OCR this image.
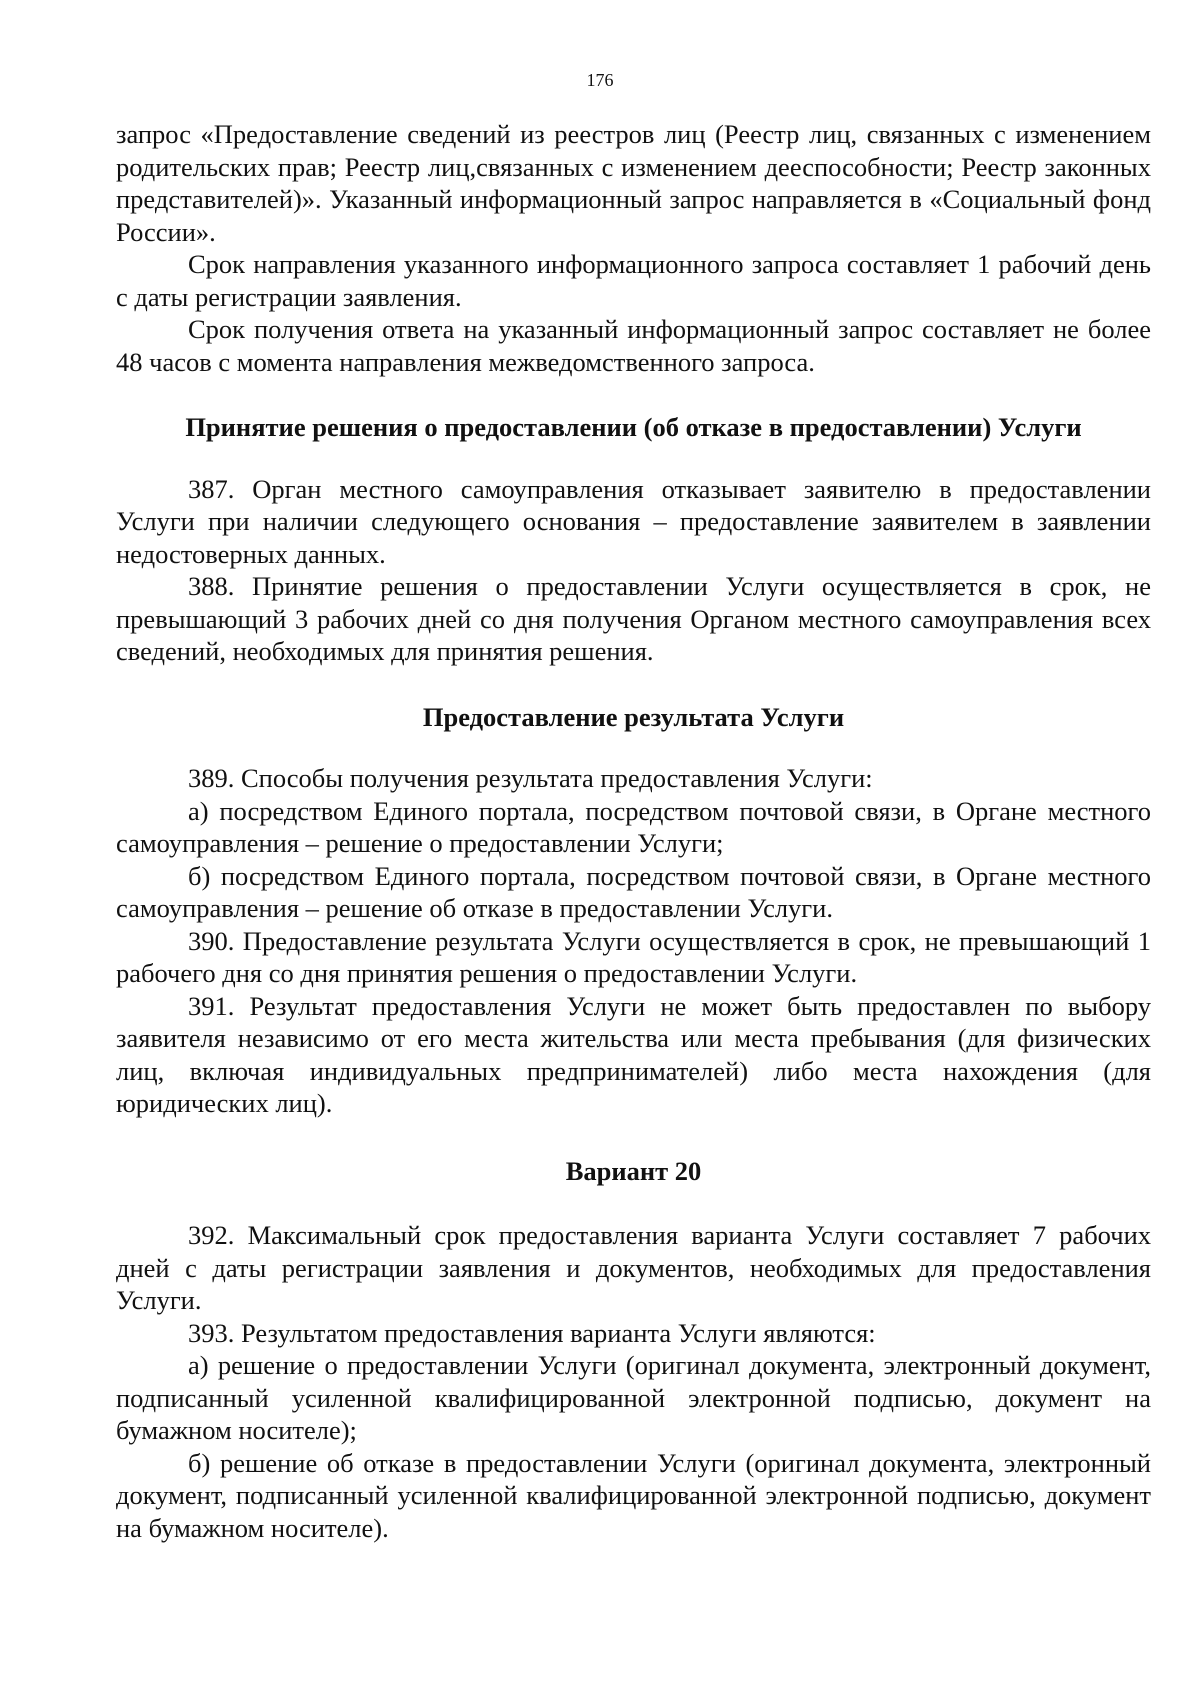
176

запрос «Предоставление сведений из реестров лиц (Реестр лиц, связанных с изменением родительских прав; Реестр лиц,связанных с изменением дееспособности; Реестр законных представителей)». Указанный информационный запрос направляется в «Социальный фонд России».

Срок направления указанного информационного запроса составляет 1 рабочий день с даты регистрации заявления.

Срок получения ответа на указанный информационный запрос составляет не более 48 часов с момента направления межведомственного запроса.

Принятие решения о предоставлении (об отказе в предоставлении) Услуги

387. Орган местного самоуправления отказывает заявителю в предоставлении Услуги при наличии следующего основания – предоставление заявителем в заявлении недостоверных данных.

388. Принятие решения о предоставлении Услуги осуществляется в срок, не превышающий 3 рабочих дней со дня получения Органом местного самоуправления всех сведений, необходимых для принятия решения.

Предоставление результата Услуги

389. Способы получения результата предоставления Услуги:

а) посредством Единого портала, посредством почтовой связи, в Органе местного самоуправления – решение о предоставлении Услуги;

б) посредством Единого портала, посредством почтовой связи, в Органе местного самоуправления – решение об отказе в предоставлении Услуги.

390. Предоставление результата Услуги осуществляется в срок, не превышающий 1 рабочего дня со дня принятия решения о предоставлении Услуги.

391. Результат предоставления Услуги не может быть предоставлен по выбору заявителя независимо от его места жительства или места пребывания (для физических лиц, включая индивидуальных предпринимателей) либо места нахождения (для юридических лиц).

Вариант 20

392. Максимальный срок предоставления варианта Услуги составляет 7 рабочих дней с даты регистрации заявления и документов, необходимых для предоставления Услуги.

393. Результатом предоставления варианта Услуги являются:

а) решение о предоставлении Услуги (оригинал документа, электронный документ, подписанный усиленной квалифицированной электронной подписью, документ на бумажном носителе);

б) решение об отказе в предоставлении Услуги (оригинал документа, электронный документ, подписанный усиленной квалифицированной электронной подписью, документ на бумажном носителе).
